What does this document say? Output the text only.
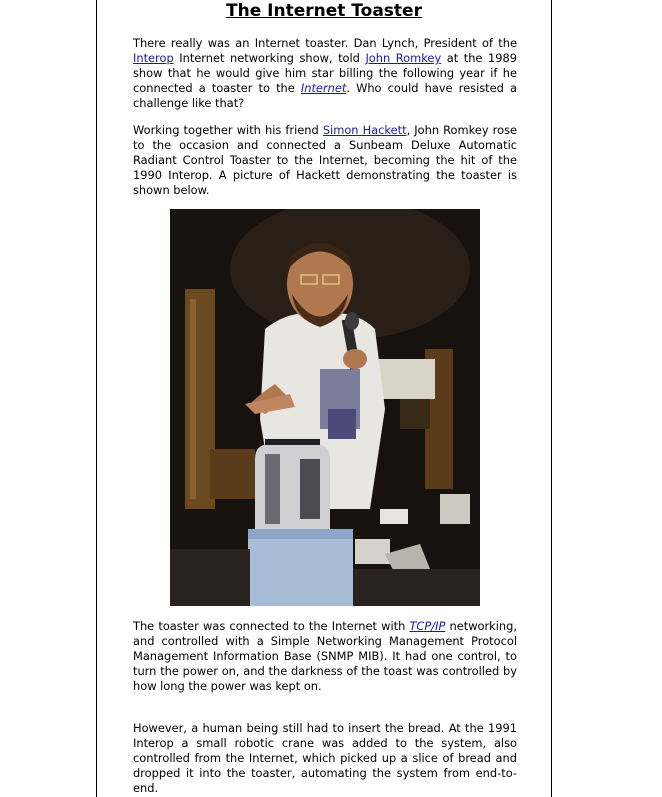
The Internet Toaster

There really was an Internet toaster. Dan Lynch, President of the Interop Internet networking show, told John Romkey at the 1989 show that he would give him star billing the following year if he connected a toaster to the Internet. Who could have resisted a challenge like that?

Working together with his friend Simon Hackett, John Romkey rose to the occasion and connected a Sunbeam Deluxe Automatic Radiant Control Toaster to the Internet, becoming the hit of the 1990 Interop. A picture of Hackett demonstrating the toaster is shown below.

The toaster was connected to the Internet with TCP/IP networking, and controlled with a Simple Networking Management Protocol Management Information Base (SNMP MIB). It had one control, to turn the power on, and the darkness of the toast was controlled by how long the power was kept on.

However, a human being still had to insert the bread. At the 1991 Interop a small robotic crane was added to the system, also controlled from the Internet, which picked up a slice of bread and dropped it into the toaster, automating the system from end-to-end.
